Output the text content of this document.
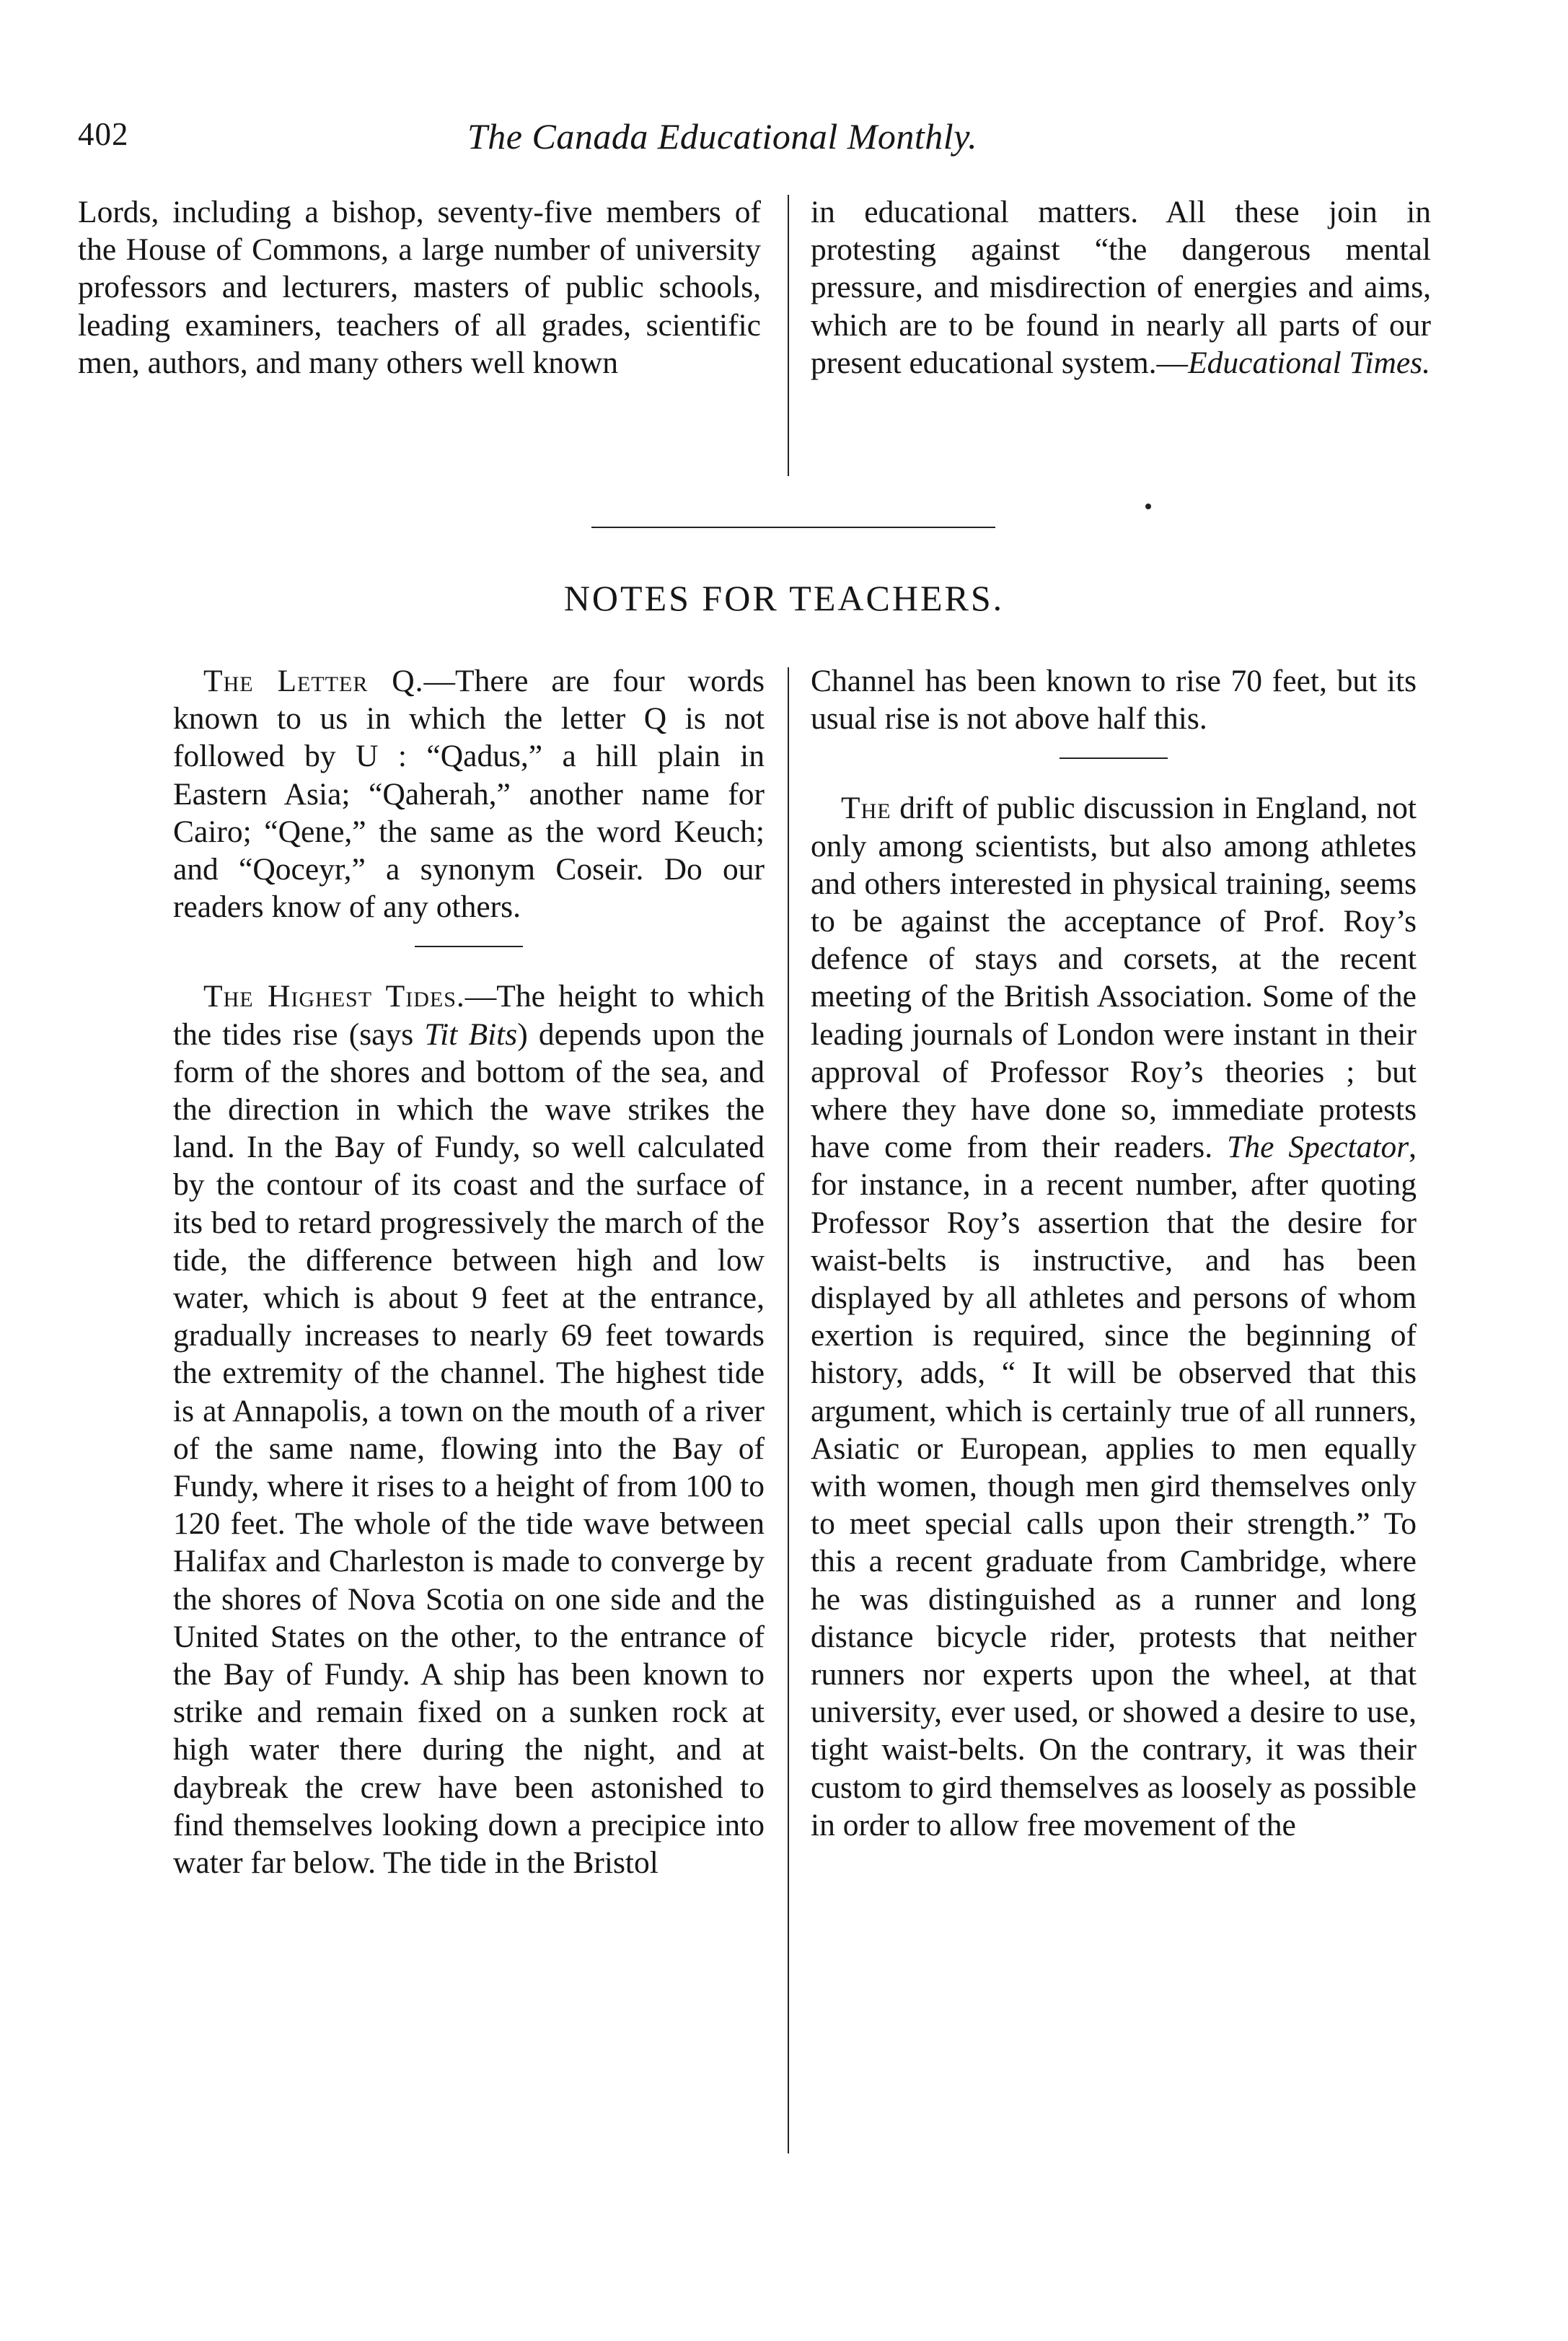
402	The Canada Educational Monthly.

Lords, including a bishop, seventy-five members of the House of Commons, a large number of university professors and lecturers, masters of public schools, leading examiners, teachers of all grades, scientific men, authors, and many others well known

in educational matters. All these join in protesting against “the dangerous mental pressure, and misdirection of energies and aims, which are to be found in nearly all parts of our present educational system.—Educational Times.

NOTES FOR TEACHERS.

The Letter Q.—There are four words known to us in which the letter Q is not followed by U : “Qadus,” a hill plain in Eastern Asia; “Qaherah,” another name for Cairo; “Qene,” the same as the word Keuch; and “Qoceyr,” a synonym Coseir. Do our readers know of any others.

The Highest Tides.—The height to which the tides rise (says Tit Bits) depends upon the form of the shores and bottom of the sea, and the direction in which the wave strikes the land. In the Bay of Fundy, so well calculated by the contour of its coast and the surface of its bed to retard progressively the march of the tide, the difference between high and low water, which is about 9 feet at the entrance, gradually increases to nearly 69 feet towards the extremity of the channel. The highest tide is at Annapolis, a town on the mouth of a river of the same name, flowing into the Bay of Fundy, where it rises to a height of from 100 to 120 feet. The whole of the tide wave between Halifax and Charleston is made to converge by the shores of Nova Scotia on one side and the United States on the other, to the entrance of the Bay of Fundy. A ship has been known to strike and remain fixed on a sunken rock at high water there during the night, and at daybreak the crew have been astonished to find themselves looking down a precipice into water far below. The tide in the Bristol

Channel has been known to rise 70 feet, but its usual rise is not above half this.

The drift of public discussion in England, not only among scientists, but also among athletes and others interested in physical training, seems to be against the acceptance of Prof. Roy’s defence of stays and corsets, at the recent meeting of the British Association. Some of the leading journals of London were instant in their approval of Professor Roy’s theories ; but where they have done so, immediate protests have come from their readers. The Spectator, for instance, in a recent number, after quoting Professor Roy’s assertion that the desire for waist-belts is instructive, and has been displayed by all athletes and persons of whom exertion is required, since the beginning of history, adds, “ It will be observed that this argument, which is certainly true of all runners, Asiatic or European, applies to men equally with women, though men gird themselves only to meet special calls upon their strength.” To this a recent graduate from Cambridge, where he was distinguished as a runner and long distance bicycle rider, protests that neither runners nor experts upon the wheel, at that university, ever used, or showed a desire to use, tight waist-belts. On the contrary, it was their custom to gird themselves as loosely as possible in order to allow free movement of the
